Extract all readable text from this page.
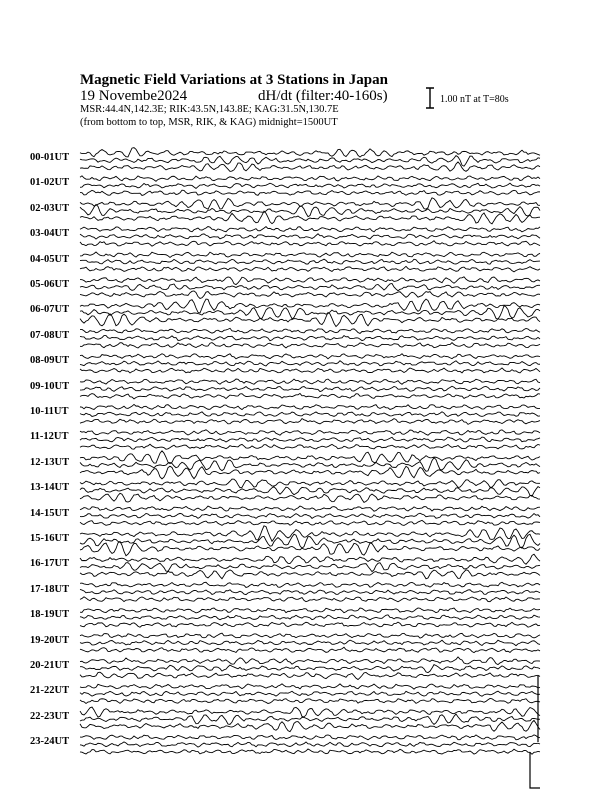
Magnetic Field Variations at 3 Stations in Japan
19 Novembe2024	dH/dt (filter:40-160s)
MSR:44.4N,142.3E; RIK:43.5N,143.8E; KAG:31.5N,130.7E
(from bottom to top, MSR, RIK, & KAG) midnight=1500UT
1.00 nT at T=80s
00-01UT
01-02UT
02-03UT
03-04UT
04-05UT
05-06UT
06-07UT
07-08UT
08-09UT
09-10UT
10-11UT
11-12UT
12-13UT
13-14UT
14-15UT
15-16UT
16-17UT
17-18UT
18-19UT
19-20UT
20-21UT
21-22UT
22-23UT
23-24UT
